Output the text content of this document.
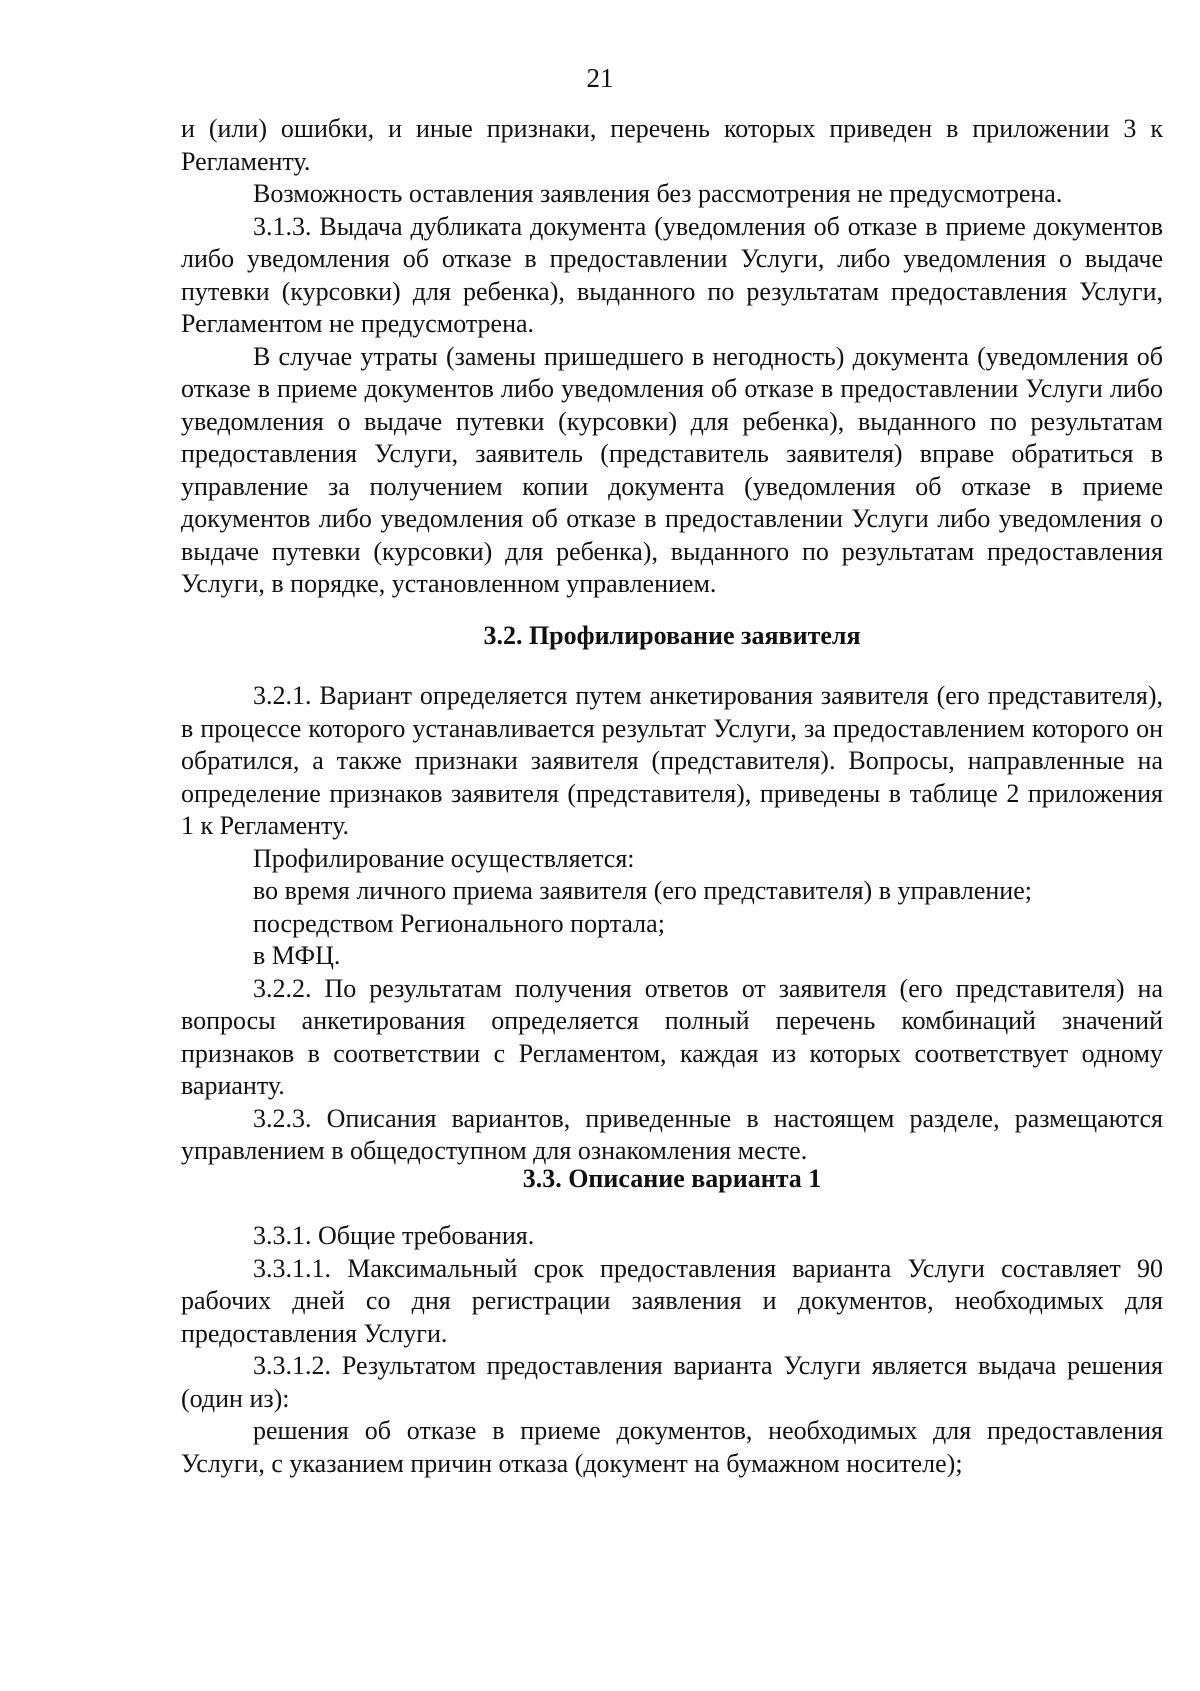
21

и (или) ошибки, и иные признаки, перечень которых приведен в приложении 3 к Регламенту.

Возможность оставления заявления без рассмотрения не предусмотрена.

3.1.3. Выдача дубликата документа (уведомления об отказе в приеме документов либо уведомления об отказе в предоставлении Услуги, либо уведомления о выдаче путевки (курсовки) для ребенка), выданного по результатам предоставления Услуги, Регламентом не предусмотрена.

В случае утраты (замены пришедшего в негодность) документа (уведомления об отказе в приеме документов либо уведомления об отказе в предоставлении Услуги либо уведомления о выдаче путевки (курсовки) для ребенка), выданного по результатам предоставления Услуги, заявитель (представитель заявителя) вправе обратиться в управление за получением копии документа (уведомления об отказе в приеме документов либо уведомления об отказе в предоставлении Услуги либо уведомления о выдаче путевки (курсовки) для ребенка), выданного по результатам предоставления Услуги, в порядке, установленном управлением.

3.2. Профилирование заявителя

3.2.1. Вариант определяется путем анкетирования заявителя (его представителя), в процессе которого устанавливается результат Услуги, за предоставлением которого он обратился, а также признаки заявителя (представителя). Вопросы, направленные на определение признаков заявителя (представителя), приведены в таблице 2 приложения 1 к Регламенту.

Профилирование осуществляется:

во время личного приема заявителя (его представителя) в управление;

посредством Регионального портала;

в МФЦ.

3.2.2. По результатам получения ответов от заявителя (его представителя) на вопросы анкетирования определяется полный перечень комбинаций значений признаков в соответствии с Регламентом, каждая из которых соответствует одному варианту.

3.2.3. Описания вариантов, приведенные в настоящем разделе, размещаются управлением в общедоступном для ознакомления месте.

3.3. Описание варианта 1

3.3.1. Общие требования.

3.3.1.1. Максимальный срок предоставления варианта Услуги составляет 90 рабочих дней со дня регистрации заявления и документов, необходимых для предоставления Услуги.

3.3.1.2. Результатом предоставления варианта Услуги является выдача решения (один из):

решения об отказе в приеме документов, необходимых для предоставления Услуги, с указанием причин отказа (документ на бумажном носителе);
